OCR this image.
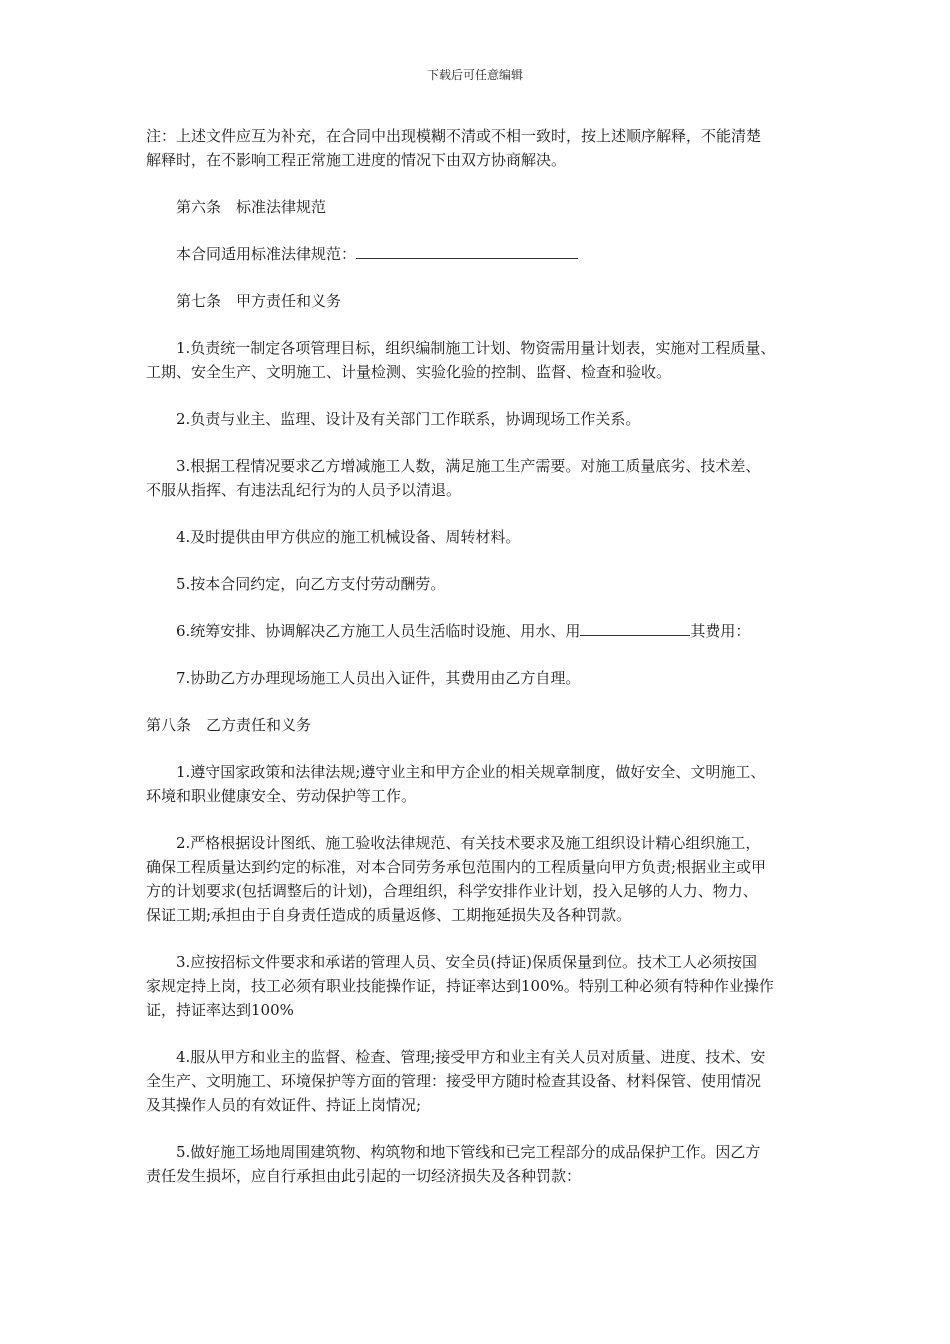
下载后可任意编辑
注：上述文件应互为补充，在合同中出现模糊不清或不相一致时，按上述顺序解释，不能清楚
解释时，在不影响工程正常施工进度的情况下由双方协商解决。
第六条　标准法律规范
本合同适用标准法律规范：
第七条　甲方责任和义务
1.负责统一制定各项管理目标，组织编制施工计划、物资需用量计划表，实施对工程质量、
工期、安全生产、文明施工、计量检测、实验化验的控制、监督、检查和验收。
2.负责与业主、监理、设计及有关部门工作联系，协调现场工作关系。
3.根据工程情况要求乙方增减施工人数，满足施工生产需要。对施工质量底劣、技术差、
不服从指挥、有违法乱纪行为的人员予以清退。
4.及时提供由甲方供应的施工机械设备、周转材料。
5.按本合同约定，向乙方支付劳动酬劳。
6.统筹安排、协调解决乙方施工人员生活临时设施、用水、用	其费用：
7.协助乙方办理现场施工人员出入证件，其费用由乙方自理。
第八条　乙方责任和义务
1.遵守国家政策和法律法规;遵守业主和甲方企业的相关规章制度，做好安全、文明施工、
环境和职业健康安全、劳动保护等工作。
2.严格根据设计图纸、施工验收法律规范、有关技术要求及施工组织设计精心组织施工，
确保工程质量达到约定的标准，对本合同劳务承包范围内的工程质量向甲方负责;根据业主或甲
方的计划要求(包括调整后的计划)，合理组织，科学安排作业计划，投入足够的人力、物力、
保证工期;承担由于自身责任造成的质量返修、工期拖延损失及各种罚款。
3.应按招标文件要求和承诺的管理人员、安全员(持证)保质保量到位。技术工人必须按国
家规定持上岗，技工必须有职业技能操作证，持证率达到100%。特别工种必须有特种作业操作
证，持证率达到100%
4.服从甲方和业主的监督、检查、管理;接受甲方和业主有关人员对质量、进度、技术、安
全生产、文明施工、环境保护等方面的管理：接受甲方随时检查其设备、材料保管、使用情况
及其操作人员的有效证件、持证上岗情况;
5.做好施工场地周围建筑物、构筑物和地下管线和已完工程部分的成品保护工作。因乙方
责任发生损坏，应自行承担由此引起的一切经济损失及各种罚款：
